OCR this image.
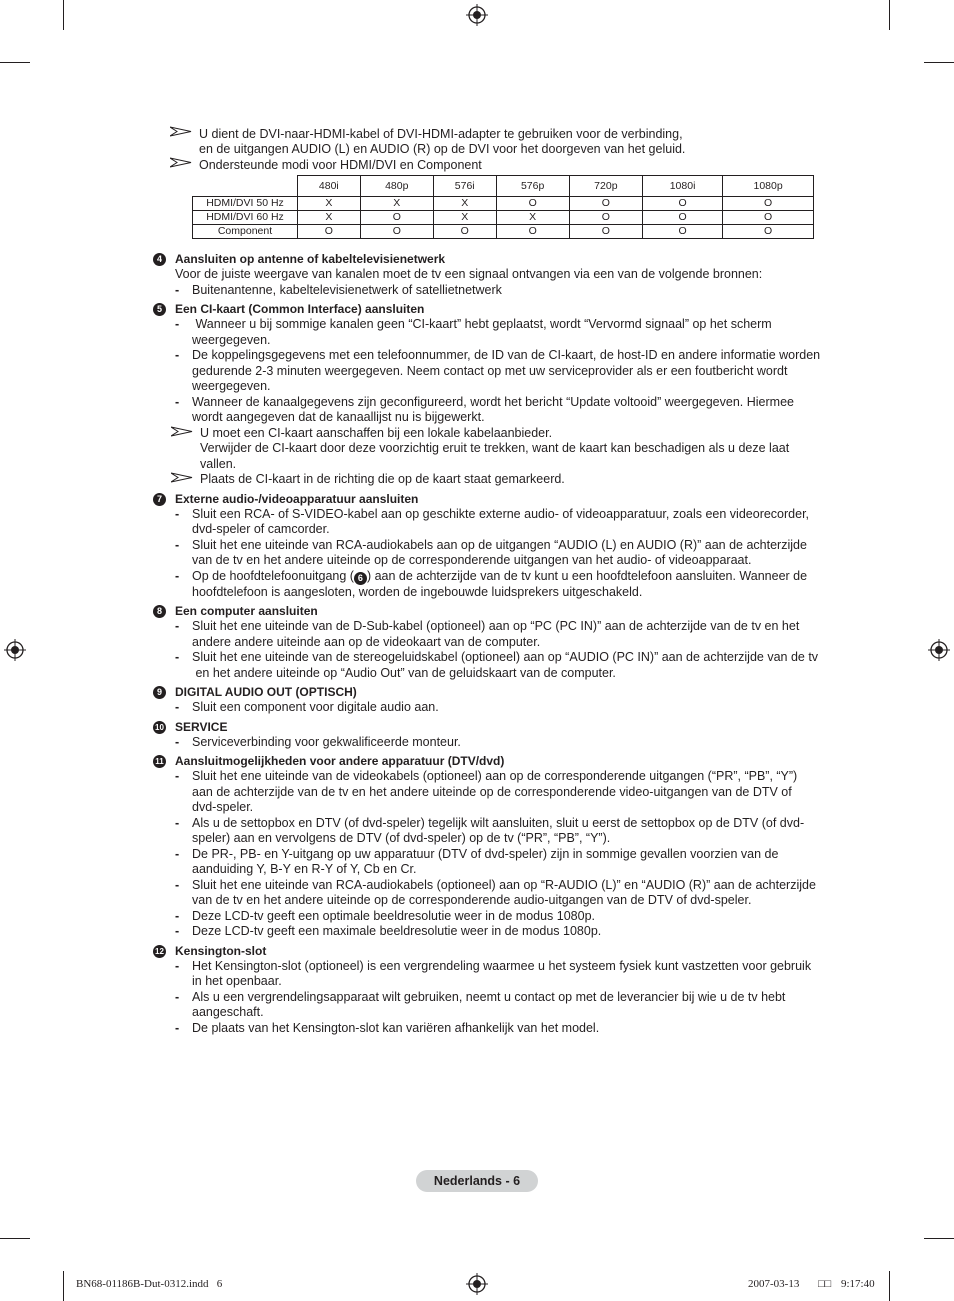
U dient de DVI-naar-HDMI-kabel of DVI-HDMI-adapter te gebruiken voor de verbinding,
en de uitgangen AUDIO (L) en AUDIO (R) op de DVI voor het doorgeven van het geluid.
Ondersteunde modi voor HDMI/DVI en Component
	480i	480p	576i	576p	720p	1080i	1080p
HDMI/DVI 50 Hz	X	X	X	O	O	O	O
HDMI/DVI 60 Hz	X	O	X	X	O	O	O
Component	O	O	O	O	O	O	O
4	Aansluiten op antenne of kabeltelevisienetwerk
Voor de juiste weergave van kanalen moet de tv een signaal ontvangen via een van de volgende bronnen:
- Buitenantenne, kabeltelevisienetwerk of satellietnetwerk
5	Een CI-kaart (Common Interface) aansluiten
- Wanneer u bij sommige kanalen geen “CI-kaart” hebt geplaatst, wordt “Vervormd signaal” op het scherm
weergegeven.
- De koppelingsgegevens met een telefoonnummer, de ID van de CI-kaart, de host-ID en andere informatie worden
gedurende 2-3 minuten weergegeven. Neem contact op met uw serviceprovider als er een foutbericht wordt
weergegeven.
- Wanneer de kanaalgegevens zijn geconfigureerd, wordt het bericht “Update voltooid” weergegeven. Hiermee
wordt aangegeven dat de kanaallijst nu is bijgewerkt.
U moet een CI-kaart aanschaffen bij een lokale kabelaanbieder.
Verwijder de CI-kaart door deze voorzichtig eruit te trekken, want de kaart kan beschadigen als u deze laat
vallen.
Plaats de CI-kaart in de richting die op de kaart staat gemarkeerd.
7	Externe audio-/videoapparatuur aansluiten
- Sluit een RCA- of S-VIDEO-kabel aan op geschikte externe audio- of videoapparatuur, zoals een videorecorder,
dvd-speler of camcorder.
- Sluit het ene uiteinde van RCA-audiokabels aan op de uitgangen “AUDIO (L) en AUDIO (R)” aan de achterzijde
van de tv en het andere uiteinde op de corresponderende uitgangen van het audio- of videoapparaat.
- Op de hoofdtelefoonuitgang ( 6 ) aan de achterzijde van de tv kunt u een hoofdtelefoon aansluiten. Wanneer de
hoofdtelefoon is aangesloten, worden de ingebouwde luidsprekers uitgeschakeld.
8	Een computer aansluiten
- Sluit het ene uiteinde van de D-Sub-kabel (optioneel) aan op “PC (PC IN)” aan de achterzijde van de tv en het
andere andere uiteinde aan op de videokaart van de computer.
- Sluit het ene uiteinde van de stereogeluidskabel (optioneel) aan op “AUDIO (PC IN)” aan de achterzijde van de tv
en het andere uiteinde op “Audio Out” van de geluidskaart van de computer.
9	DIGITAL AUDIO OUT (OPTISCH)
- Sluit een component voor digitale audio aan.
10 SERVICE
- Serviceverbinding voor gekwalificeerde monteur.
11 Aansluitmogelijkheden voor andere apparatuur (DTV/dvd)
- Sluit het ene uiteinde van de videokabels (optioneel) aan op de corresponderende uitgangen (“PR”, “PB”, “Y”)
aan de achterzijde van de tv en het andere uiteinde op de corresponderende video-uitgangen van de DTV of
dvd-speler.
- Als u de settopbox en DTV (of dvd-speler) tegelijk wilt aansluiten, sluit u eerst de settopbox op de DTV (of dvd-
speler) aan en vervolgens de DTV (of dvd-speler) op de tv (“PR”, “PB”, “Y”).
- De PR-, PB- en Y-uitgang op uw apparatuur (DTV of dvd-speler) zijn in sommige gevallen voorzien van de
aanduiding Y, B-Y en R-Y of Y, Cb en Cr.
- Sluit het ene uiteinde van RCA-audiokabels (optioneel) aan op “R-AUDIO (L)” en “AUDIO (R)” aan de achterzijde
van de tv en het andere uiteinde op de corresponderende audio-uitgangen van de DTV of dvd-speler.
- Deze LCD-tv geeft een optimale beeldresolutie weer in de modus 1080p.
- Deze LCD-tv geeft een maximale beeldresolutie weer in de modus 1080p.
12 Kensington-slot
- Het Kensington-slot (optioneel) is een vergrendeling waarmee u het systeem fysiek kunt vastzetten voor gebruik
in het openbaar.
- Als u een vergrendelingsapparaat wilt gebruiken, neemt u contact op met de leverancier bij wie u de tv hebt
aangeschaft.
- De plaats van het Kensington-slot kan variëren afhankelijk van het model.
Nederlands - 6
BN68-01186B-Dut-0312.indd   6	2007-03-13 □□ 9:17:40
